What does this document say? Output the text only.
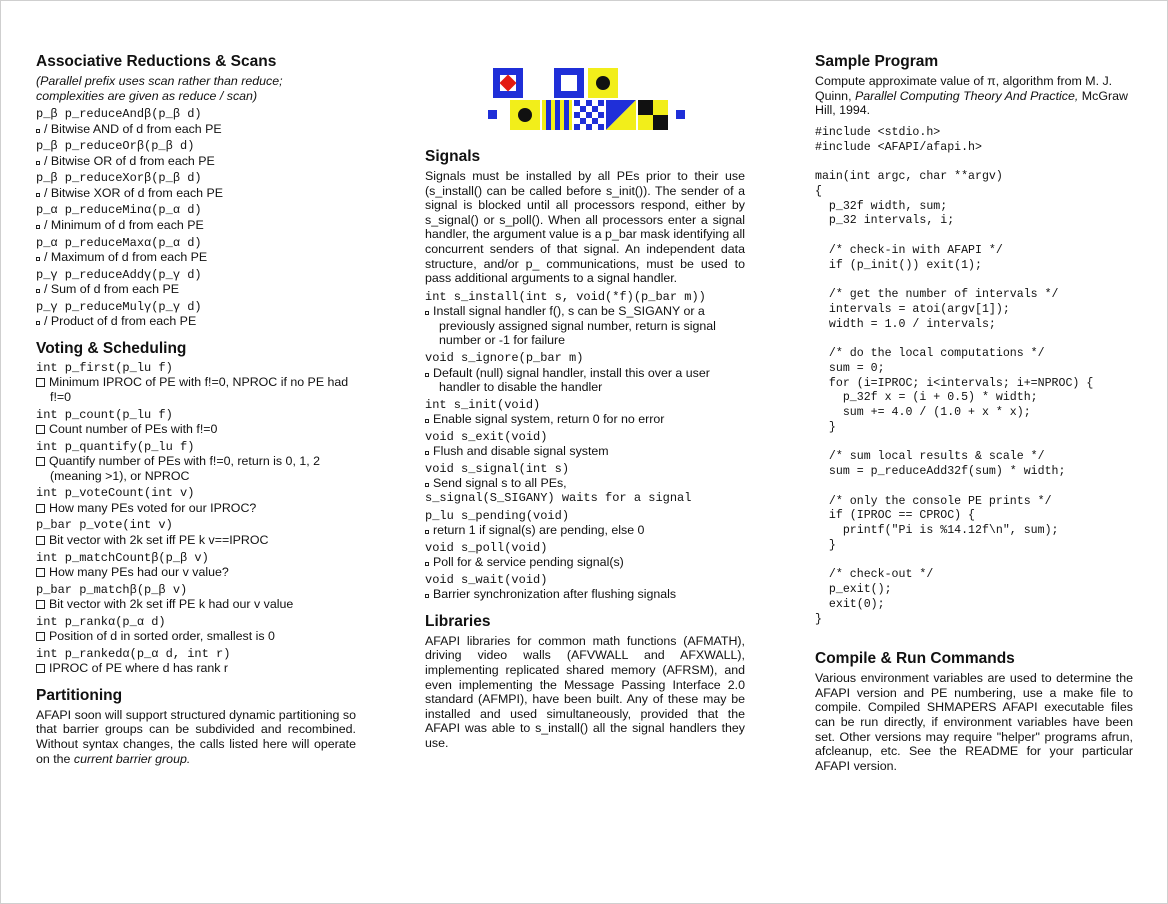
Associative Reductions & Scans

(Parallel prefix uses scan rather than reduce;

complexities are given as reduce / scan)

p_β p_reduceAndβ(p_β d)
/ Bitwise AND of d from each PE
p_β p_reduceOrβ(p_β d)
/ Bitwise OR of d from each PE
p_β p_reduceXorβ(p_β d)
/ Bitwise XOR of d from each PE
p_α p_reduceMinα(p_α d)
/ Minimum of d from each PE
p_α p_reduceMaxα(p_α d)
/ Maximum of d from each PE
p_γ p_reduceAddγ(p_γ d)
/ Sum of d from each PE
p_γ p_reduceMulγ(p_γ d)
/ Product of d from each PE
Voting & Scheduling
int p_first(p_lu f)
Minimum IPROC of PE with f!=0, NPROC if no PE had f!=0
int p_count(p_lu f)
Count number of PEs with f!=0
int p_quantify(p_lu f)
Quantify number of PEs with f!=0, return is 0, 1, 2 (meaning >1), or NPROC
int p_voteCount(int v)
How many PEs voted for our IPROC?
p_bar p_vote(int v)
Bit vector with 2k set iff PE k v==IPROC
int p_matchCountβ(p_β v)
How many PEs had our v value?
p_bar p_matchβ(p_β v)
Bit vector with 2k set iff PE k had our v value
int p_rankα(p_α d)
Position of d in sorted order, smallest is 0
int p_rankedα(p_α d, int r)
IPROC of PE where d has rank r
Partitioning

AFAPI soon will support structured dynamic partitioning so that barrier groups can be subdivided and recombined. Without syntax changes, the calls listed here will operate on the current barrier group.

Signals

Signals must be installed by all PEs prior to their use (s_install() can be called before s_init()). The sender of a signal is blocked until all processors respond, either by s_signal() or s_poll(). When all processors enter a signal handler, the argument value is a p_bar mask identifying all concurrent senders of that signal. An independent data structure, and/or p_ communications, must be used to pass additional arguments to a signal handler.

int s_install(int s, void(*f)(p_bar m))
Install signal handler f(), s can be S_SIGANY or a previously assigned signal number, return is signal number or -1 for failure
void s_ignore(p_bar m)
Default (null) signal handler, install this over a user handler to disable the handler
int s_init(void)
Enable signal system, return 0 for no error
void s_exit(void)
Flush and disable signal system
void s_signal(int s)
Send signal s to all PEs,
s_signal(S_SIGANY) waits for a signal
p_lu s_pending(void)
return 1 if signal(s) are pending, else 0
void s_poll(void)
Poll for & service pending signal(s)
void s_wait(void)
Barrier synchronization after flushing signals
Libraries

AFAPI libraries for common math functions (AFMATH), driving video walls (AFVWALL and AFXWALL), implementing replicated shared memory (AFRSM), and even implementing the Message Passing Interface 2.0 standard (AFMPI), have been built. Any of these may be installed and used simultaneously, provided that the AFAPI was able to s_install() all the signal handlers they use.

Sample Program

Compute approximate value of π, algorithm from M. J. Quinn, Parallel Computing Theory And Practice, McGraw Hill, 1994.

#include <stdio.h>
#include <AFAPI/afapi.h>

main(int argc, char **argv)
{
p_32f width, sum;
p_32 intervals, i;

/* check-in with AFAPI */
if (p_init()) exit(1);

/* get the number of intervals */
intervals = atoi(argv[1]);
width = 1.0 / intervals;

/* do the local computations */
sum = 0;
for (i=IPROC; i<intervals; i+=NPROC) {
p_32f x = (i + 0.5) * width;
sum += 4.0 / (1.0 + x * x);
}

/* sum local results & scale */
sum = p_reduceAdd32f(sum) * width;

/* only the console PE prints */
if (IPROC == CPROC) {
printf("Pi is %14.12f\n", sum);
}

/* check-out */
p_exit();
exit(0);
}
Compile & Run Commands

Various environment variables are used to determine the AFAPI version and PE numbering, use a make file to compile. Compiled SHMAPERS AFAPI executable files can be run directly, if environment variables have been set. Other versions may require "helper" programs afrun, afcleanup, etc. See the README for your particular AFAPI version.
